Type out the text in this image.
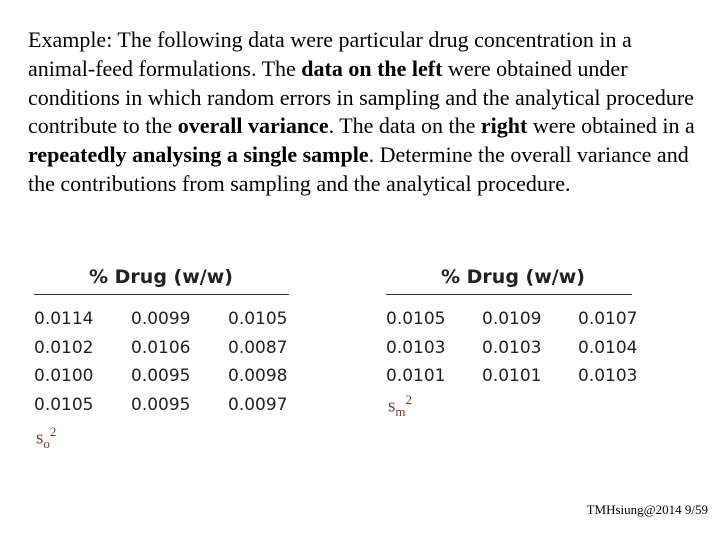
Example: The following data were particular drug concentration in a animal-feed formulations. The data on the left were obtained under conditions in which random errors in sampling and the analytical procedure contribute to the overall variance. The data on the right were obtained in a repeatedly analysing a single sample. Determine the overall variance and the contributions from sampling and the analytical procedure.

% Drug (w/w)
0.0114 0.0099 0.0105
0.0102 0.0106 0.0087
0.0100 0.0095 0.0098
0.0105 0.0095 0.0097
% Drug (w/w)
0.0105 0.0109 0.0107
0.0103 0.0103 0.0104
0.0101 0.0101 0.0103
$s_m^2$
$s_o^2$
TMHsiung@2014 9/59
